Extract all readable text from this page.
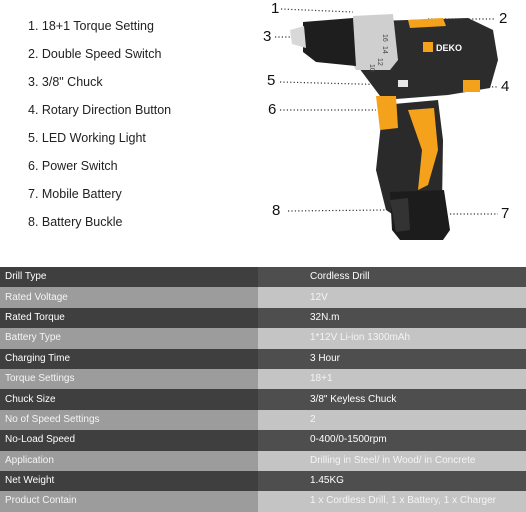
1. 18+1 Torque Setting
2. Double Speed Switch
3. 3/8" Chuck
4. Rotary Direction Button
5. LED Working Light
6. Power Switch
7. Mobile Battery
8. Battery Buckle
16
14
12
10
DEKO
1
2
3
4
5
6
7
8
Drill Type	Cordless Drill
Rated Voltage	12V
Rated Torque	32N.m
Battery Type	1*12V Li-ion 1300mAh
Charging Time	3 Hour
Torque Settings	18+1
Chuck Size	3/8" Keyless Chuck
No of Speed Settings	2
No-Load Speed	0-400/0-1500rpm
Application	Drilling in Steel/ in Wood/ in Concrete
Net Weight	1.45KG
Product Contain	1 x Cordless Drill, 1 x Battery, 1 x Charger
